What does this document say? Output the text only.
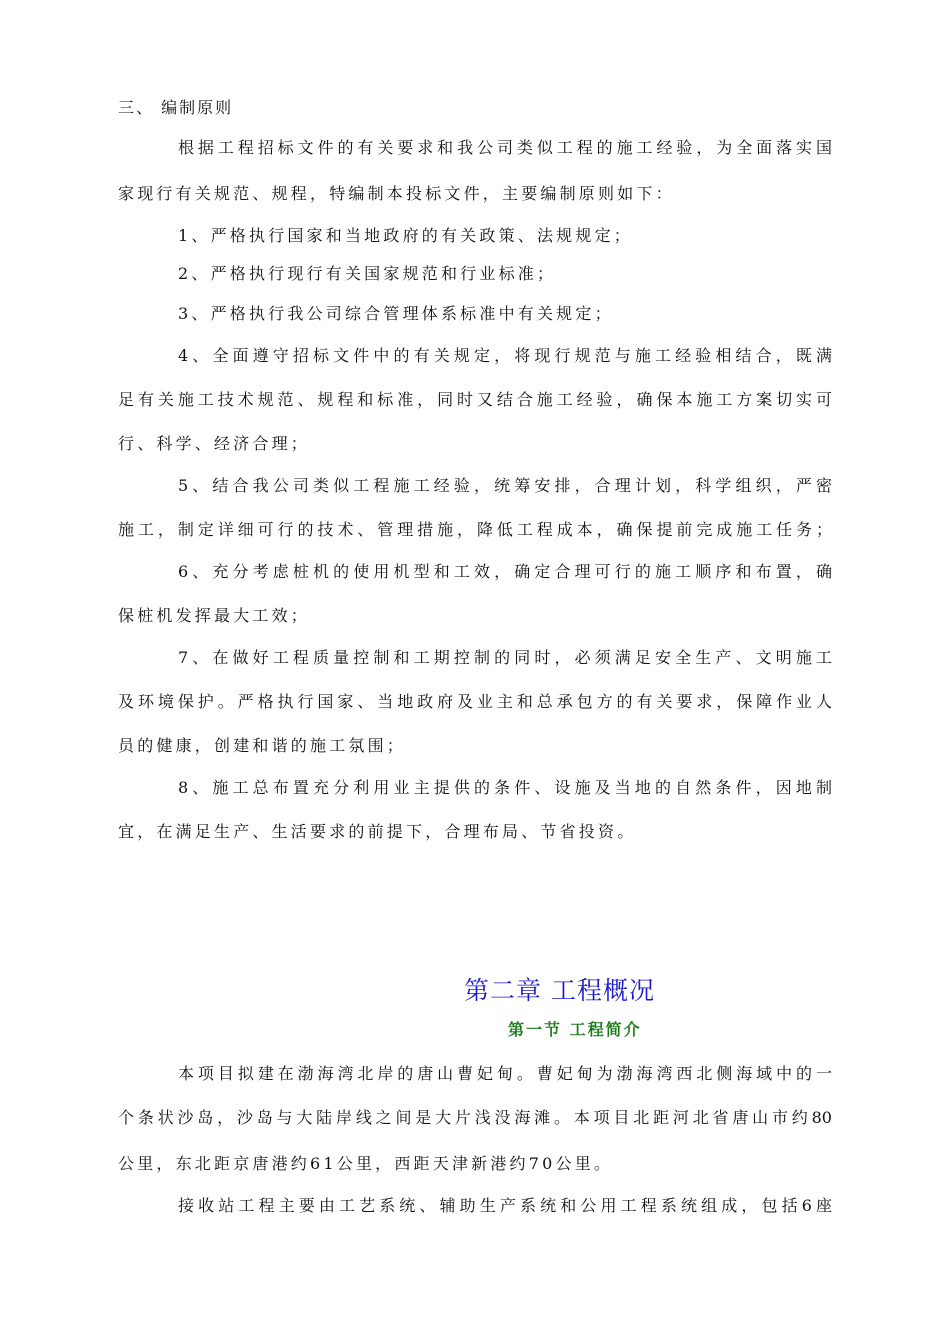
三、 编制原则
根据工程招标文件的有关要求和我公司类似工程的施工经验，为全面落实国
家现行有关规范、规程，特编制本投标文件，主要编制原则如下：
1、严格执行国家和当地政府的有关政策、法规规定；
2、严格执行现行有关国家规范和行业标准；
3、严格执行我公司综合管理体系标准中有关规定；
4、全面遵守招标文件中的有关规定，将现行规范与施工经验相结合，既满
足有关施工技术规范、规程和标准，同时又结合施工经验，确保本施工方案切实可
行、科学、经济合理；
5、结合我公司类似工程施工经验，统筹安排，合理计划，科学组织，严密
施工，制定详细可行的技术、管理措施，降低工程成本，确保提前完成施工任务；
6、充分考虑桩机的使用机型和工效，确定合理可行的施工顺序和布置，确
保桩机发挥最大工效；
7、在做好工程质量控制和工期控制的同时，必须满足安全生产、文明施工
及环境保护。严格执行国家、当地政府及业主和总承包方的有关要求，保障作业人
员的健康，创建和谐的施工氛围；
8、施工总布置充分利用业主提供的条件、设施及当地的自然条件，因地制
宜，在满足生产、生活要求的前提下，合理布局、节省投资。
第二章 工程概况
第一节 工程简介
本项目拟建在渤海湾北岸的唐山曹妃甸。曹妃甸为渤海湾西北侧海域中的一
个条状沙岛，沙岛与大陆岸线之间是大片浅没海滩。本项目北距河北省唐山市约80
公里，东北距京唐港约61公里，西距天津新港约70公里。
接收站工程主要由工艺系统、辅助生产系统和公用工程系统组成，包括6座
